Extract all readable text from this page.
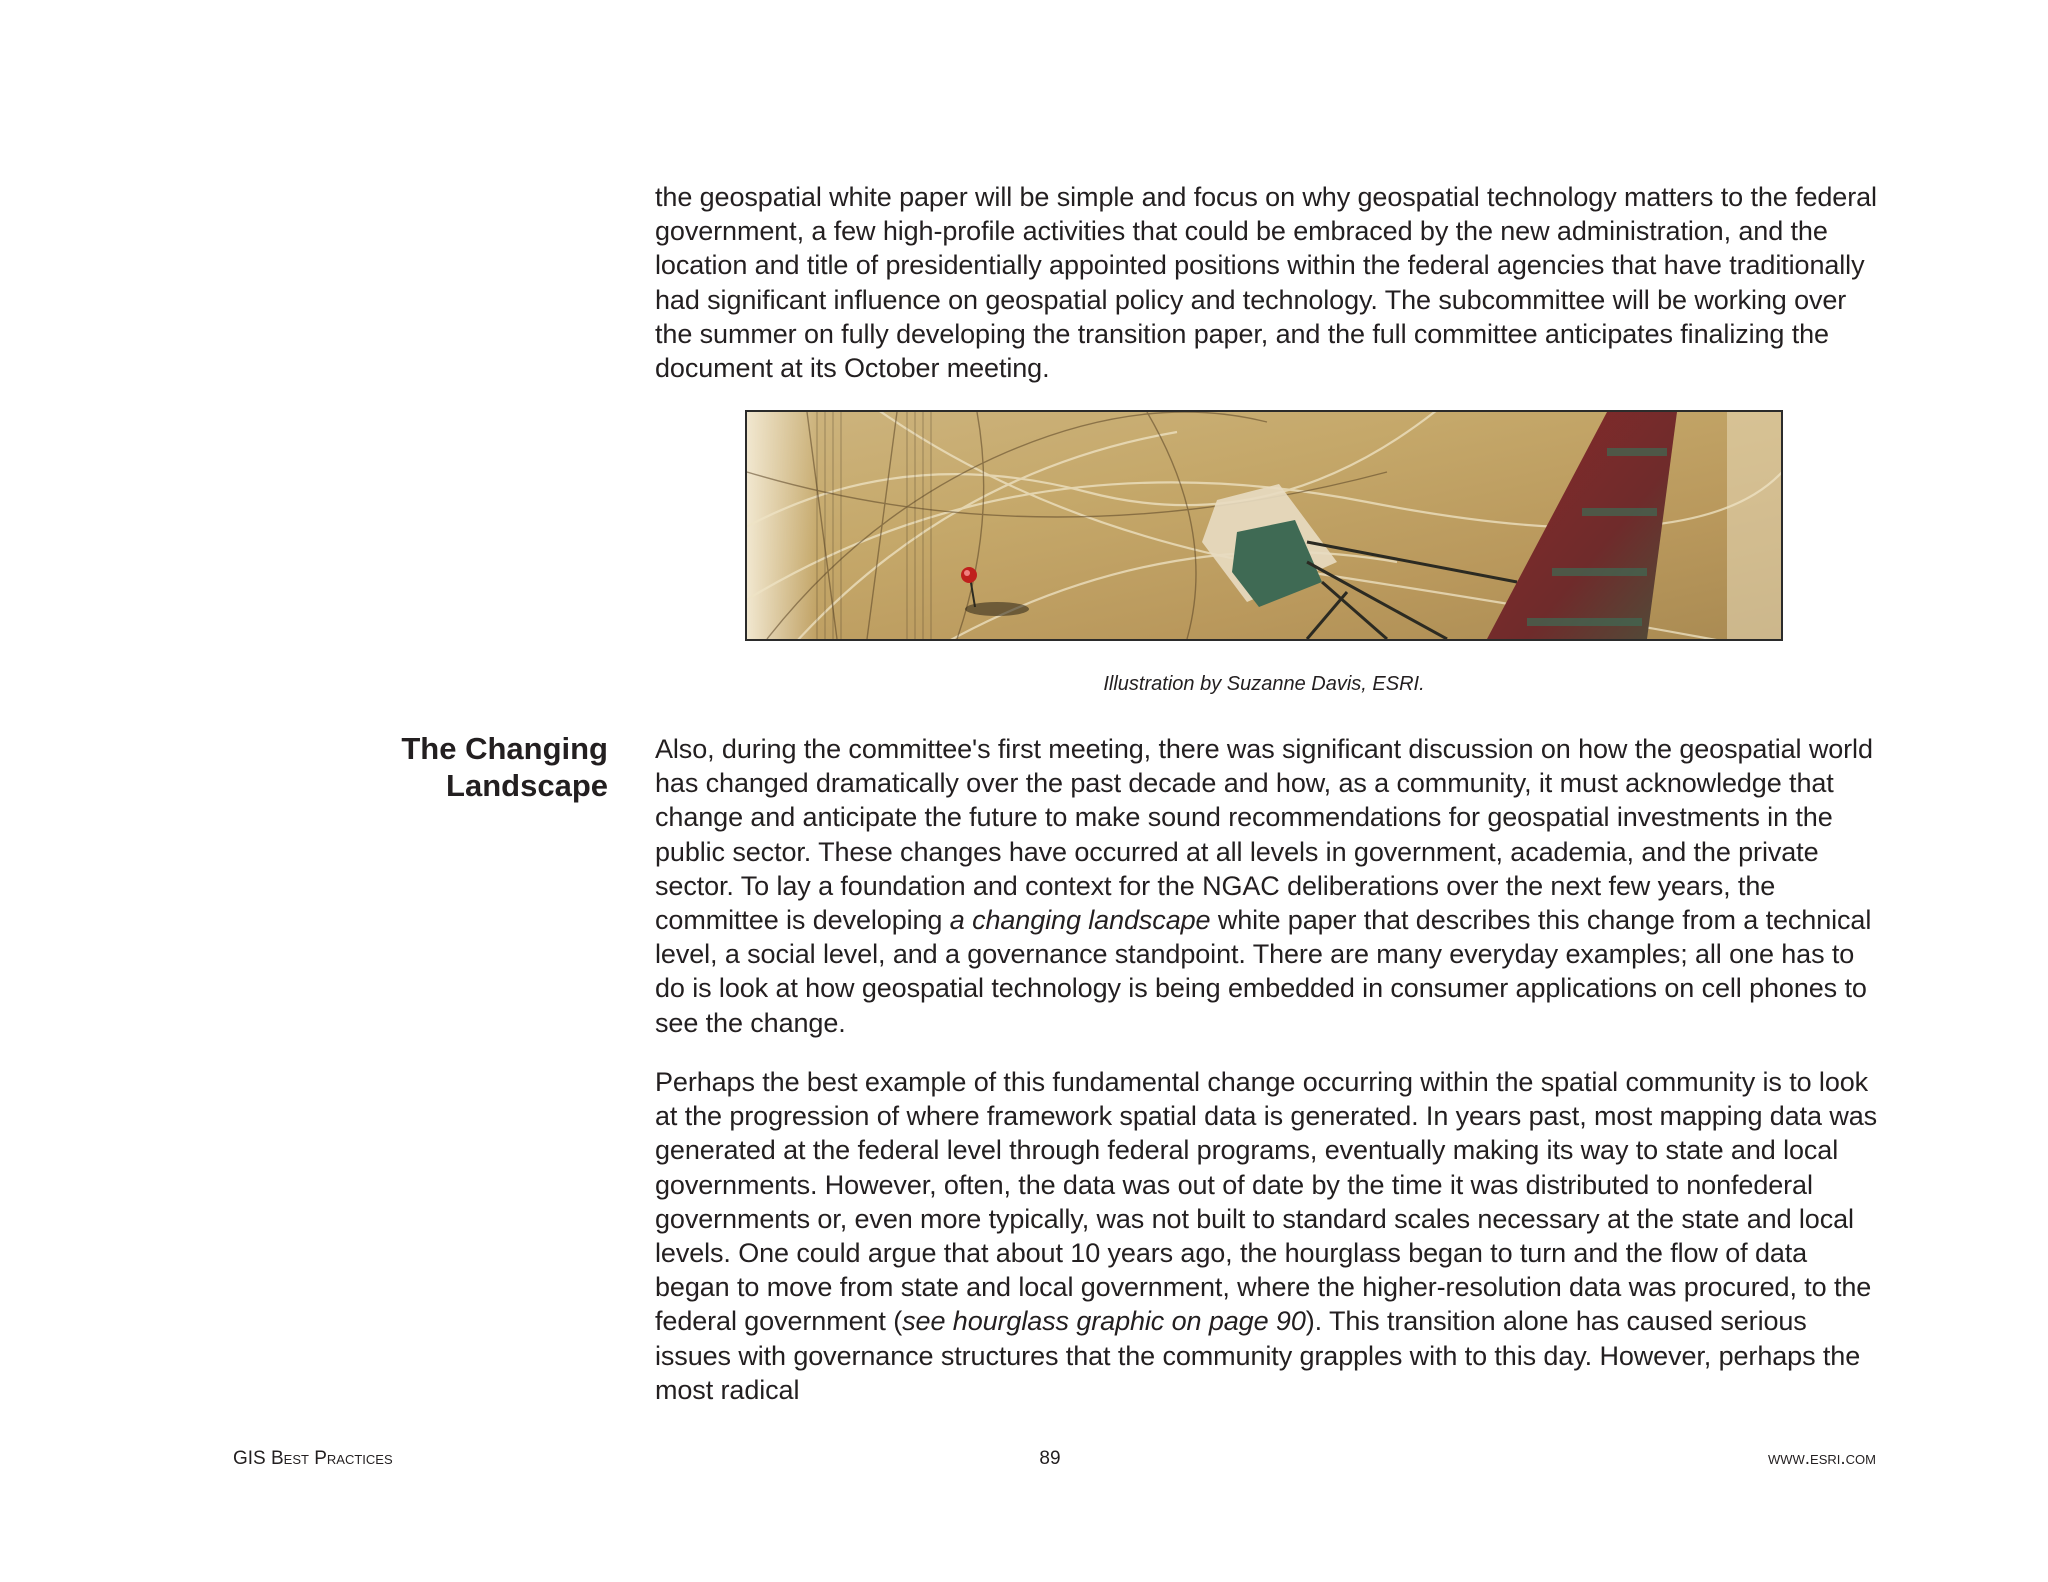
the geospatial white paper will be simple and focus on why geospatial technology matters to the federal government, a few high-profile activities that could be embraced by the new administration, and the location and title of presidentially appointed positions within the federal agencies that have traditionally had significant influence on geospatial policy and technology. The subcommittee will be working over the summer on fully developing the transition paper, and the full committee anticipates finalizing the document at its October meeting.

Illustration by Suzanne Davis, ESRI.
The Changing
Landscape

Also, during the committee's first meeting, there was significant discussion on how the geospatial world has changed dramatically over the past decade and how, as a community, it must acknowledge that change and anticipate the future to make sound recommendations for geospatial investments in the public sector. These changes have occurred at all levels in government, academia, and the private sector. To lay a foundation and context for the NGAC deliberations over the next few years, the committee is developing a changing landscape white paper that describes this change from a technical level, a social level, and a governance standpoint. There are many everyday examples; all one has to do is look at how geospatial technology is being embedded in consumer applications on cell phones to see the change.

Perhaps the best example of this fundamental change occurring within the spatial community is to look at the progression of where framework spatial data is generated. In years past, most mapping data was generated at the federal level through federal programs, eventually making its way to state and local governments. However, often, the data was out of date by the time it was distributed to nonfederal governments or, even more typically, was not built to standard scales necessary at the state and local levels. One could argue that about 10 years ago, the hourglass began to turn and the flow of data began to move from state and local government, where the higher-resolution data was procured, to the federal government (see hourglass graphic on page 90). This transition alone has caused serious issues with governance structures that the community grapples with to this day. However, perhaps the most radical

GIS Best Practices	89	www.esri.com
